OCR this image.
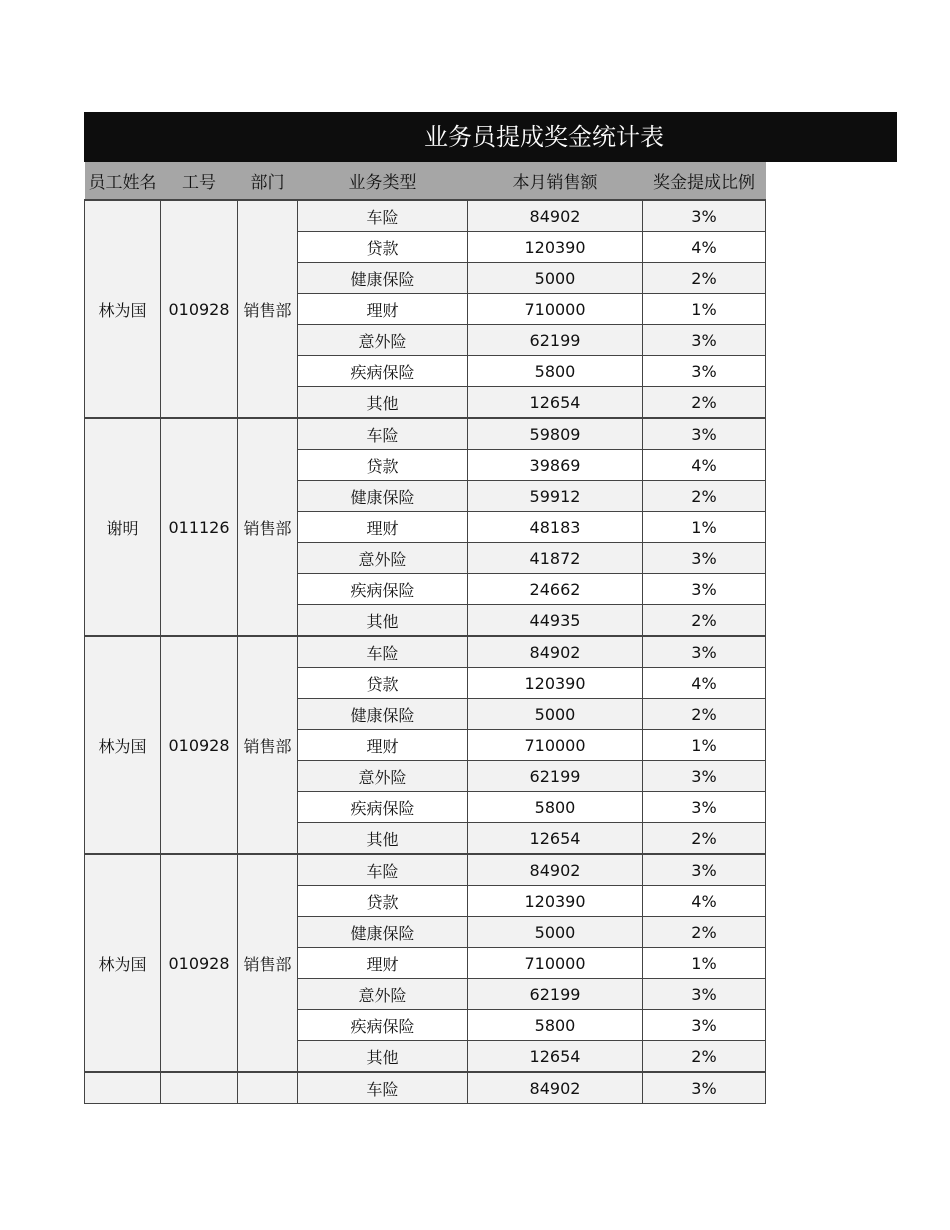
业务员提成奖金统计表
员工姓名	工号	部门	业务类型	本月销售额	奖金提成比例
林为国	010928	销售部	车险	84902	3%
			贷款	120390	4%
			健康保险	5000	2%
			理财	710000	1%
			意外险	62199	3%
			疾病保险	5800	3%
			其他	12654	2%
谢明	011126	销售部	车险	59809	3%
			贷款	39869	4%
			健康保险	59912	2%
			理财	48183	1%
			意外险	41872	3%
			疾病保险	24662	3%
			其他	44935	2%
林为国	010928	销售部	车险	84902	3%
			贷款	120390	4%
			健康保险	5000	2%
			理财	710000	1%
			意外险	62199	3%
			疾病保险	5800	3%
			其他	12654	2%
林为国	010928	销售部	车险	84902	3%
			贷款	120390	4%
			健康保险	5000	2%
			理财	710000	1%
			意外险	62199	3%
			疾病保险	5800	3%
			其他	12654	2%
			车险	84902	3%
